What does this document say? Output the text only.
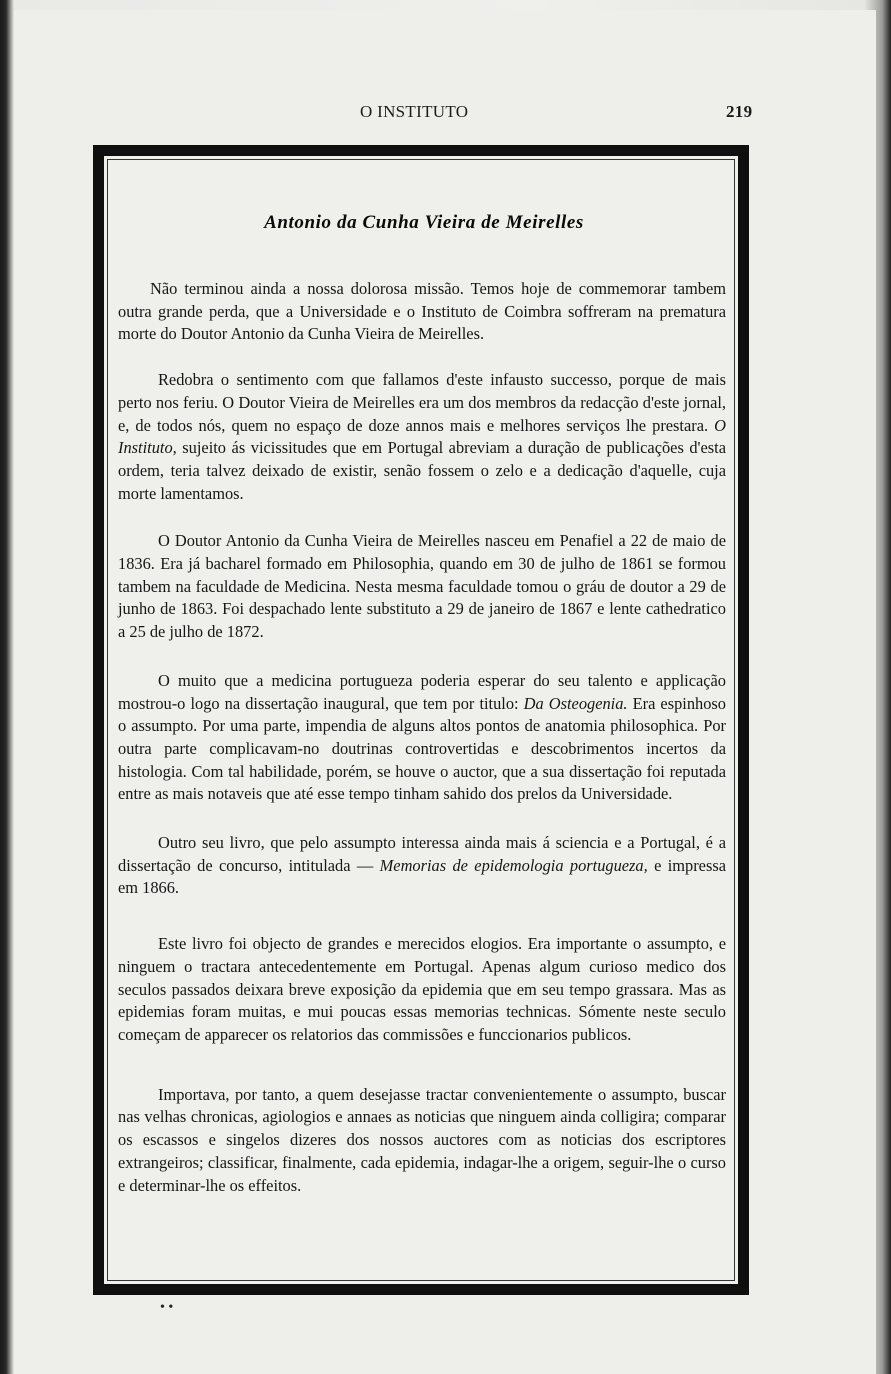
O INSTITUTO	219
Antonio da Cunha Vieira de Meirelles

Não terminou ainda a nossa dolorosa missão. Temos hoje de commemorar tambem outra grande perda, que a Universidade e o Instituto de Coimbra soffreram na prematura morte do Doutor Antonio da Cunha Vieira de Meirelles.

Redobra o sentimento com que fallamos d'este infausto successo, porque de mais perto nos feriu. O Doutor Vieira de Meirelles era um dos membros da redacção d'este jornal, e, de todos nós, quem no espaço de doze annos mais e melhores serviços lhe prestara. O Instituto, sujeito ás vicissitudes que em Portugal abreviam a duração de publicações d'esta ordem, teria talvez deixado de existir, senão fossem o zelo e a dedicação d'aquelle, cuja morte lamentamos.

O Doutor Antonio da Cunha Vieira de Meirelles nasceu em Penafiel a 22 de maio de 1836. Era já bacharel formado em Philosophia, quando em 30 de julho de 1861 se formou tambem na faculdade de Medicina. Nesta mesma faculdade tomou o gráu de doutor a 29 de junho de 1863. Foi despachado lente substituto a 29 de janeiro de 1867 e lente cathedratico a 25 de julho de 1872.

O muito que a medicina portugueza poderia esperar do seu talento e applicação mostrou-o logo na dissertação inaugural, que tem por titulo: Da Osteogenia. Era espinhoso o assumpto. Por uma parte, impendia de alguns altos pontos de anatomia philosophica. Por outra parte complicavam-no doutrinas controvertidas e descobrimentos incertos da histologia. Com tal habilidade, porém, se houve o auctor, que a sua dissertação foi reputada entre as mais notaveis que até esse tempo tinham sahido dos prelos da Universidade.

Outro seu livro, que pelo assumpto interessa ainda mais á sciencia e a Portugal, é a dissertação de concurso, intitulada — Memorias de epidemologia portugueza, e impressa em 1866.

Este livro foi objecto de grandes e merecidos elogios. Era importante o assumpto, e ninguem o tractara antecedentemente em Portugal. Apenas algum curioso medico dos seculos passados deixara breve exposição da epidemia que em seu tempo grassara. Mas as epidemias foram muitas, e mui poucas essas memorias technicas. Sómente neste seculo começam de apparecer os relatorios das commissões e funccionarios publicos.

Importava, por tanto, a quem desejasse tractar convenientemente o assumpto, buscar nas velhas chronicas, agiologios e annaes as noticias que ninguem ainda colligira; comparar os escassos e singelos dizeres dos nossos auctores com as noticias dos escriptores extrangeiros; classificar, finalmente, cada epidemia, indagar-lhe a origem, seguir-lhe o curso e determinar-lhe os effeitos.

• •
